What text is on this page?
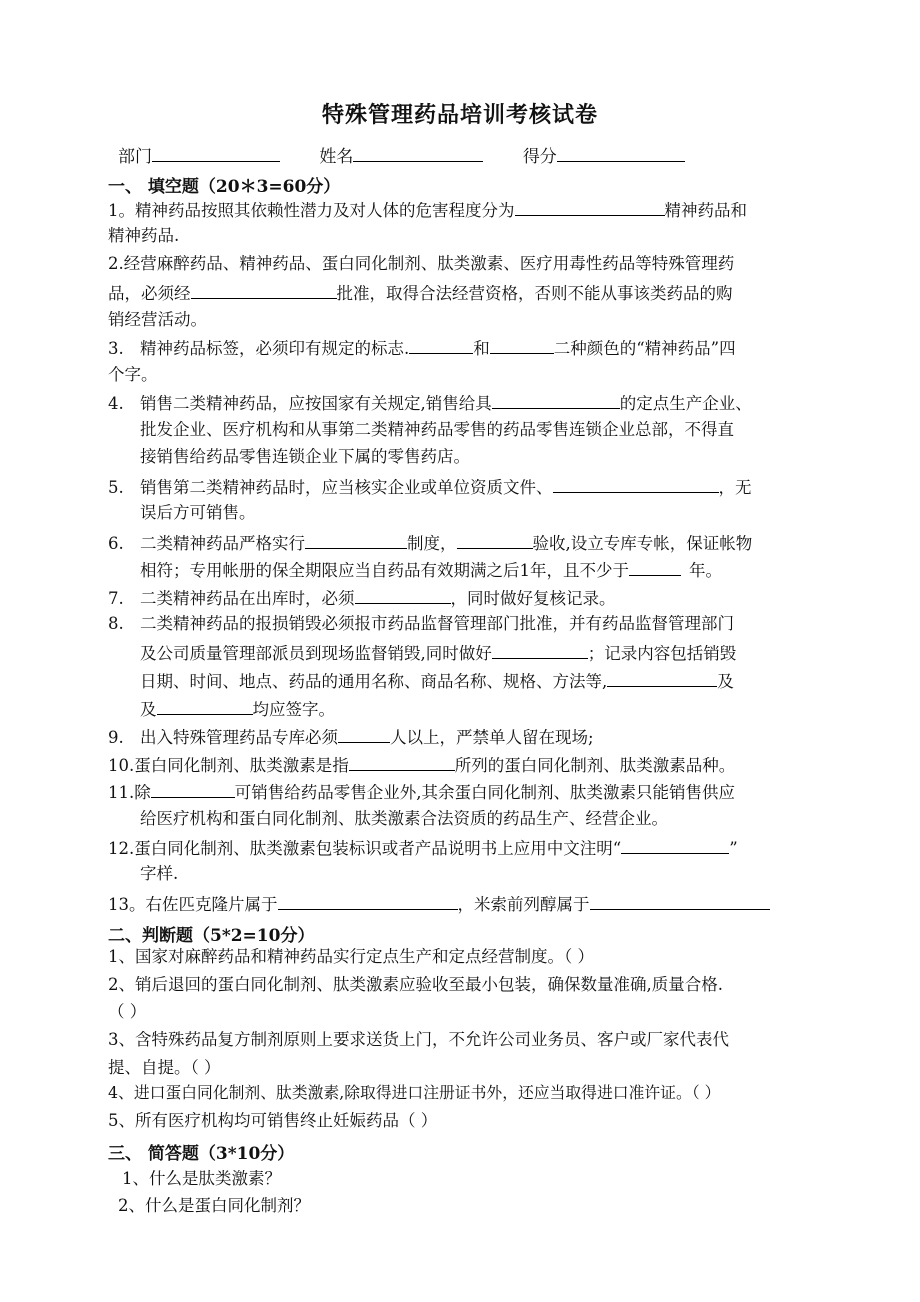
特殊管理药品培训考核试卷
部门	姓名	得分
一、 填空题（20＊3=60分）
1。精神药品按照其依赖性潜力及对人体的危害程度分为	精神药品和
精神药品.
2.经营麻醉药品、精神药品、蛋白同化制剂、肽类激素、医疗用毒性药品等特殊管理药
品，必须经	批准，取得合法经营资格，否则不能从事该类药品的购
销经营活动。
3. 精神药品标签，必须印有规定的标志.	和	二种颜色的“精神药品”四
个字。
4. 销售二类精神药品，应按国家有关规定,销售给具	的定点生产企业、
批发企业、医疗机构和从事第二类精神药品零售的药品零售连锁企业总部，不得直
接销售给药品零售连锁企业下属的零售药店。
5. 销售第二类精神药品时，应当核实企业或单位资质文件、	，无
误后方可销售。
6. 二类精神药品严格实行	制度，	验收,设立专库专帐，保证帐物
相符；专用帐册的保全期限应当自药品有效期满之后1年，且不少于	年。
7. 二类精神药品在出库时，必须	，同时做好复核记录。
8. 二类精神药品的报损销毁必须报市药品监督管理部门批准，并有药品监督管理部门
及公司质量管理部派员到现场监督销毁,同时做好	；记录内容包括销毁
日期、时间、地点、药品的通用名称、商品名称、规格、方法等,	及
及	均应签字。
9. 出入特殊管理药品专库必须	人以上，严禁单人留在现场;
10.蛋白同化制剂、肽类激素是指	所列的蛋白同化制剂、肽类激素品种。
11.除	可销售给药品零售企业外,其余蛋白同化制剂、肽类激素只能销售供应
给医疗机构和蛋白同化制剂、肽类激素合法资质的药品生产、经营企业。
12.蛋白同化制剂、肽类激素包装标识或者产品说明书上应用中文注明“	”
字样.
13。右佐匹克隆片属于	，米索前列醇属于
二、判断题（5*2=10分）
1、国家对麻醉药品和精神药品实行定点生产和定点经营制度。（ ）
2、销后退回的蛋白同化制剂、肽类激素应验收至最小包装，确保数量准确,质量合格.
（ ）
3、含特殊药品复方制剂原则上要求送货上门，不允许公司业务员、客户或厂家代表代
提、自提。（ ）
4、进口蛋白同化制剂、肽类激素,除取得进口注册证书外，还应当取得进口准许证。（ ）
5、所有医疗机构均可销售终止妊娠药品（ ）
三、 简答题（3*10分）
1、什么是肽类激素？
2、什么是蛋白同化制剂？
